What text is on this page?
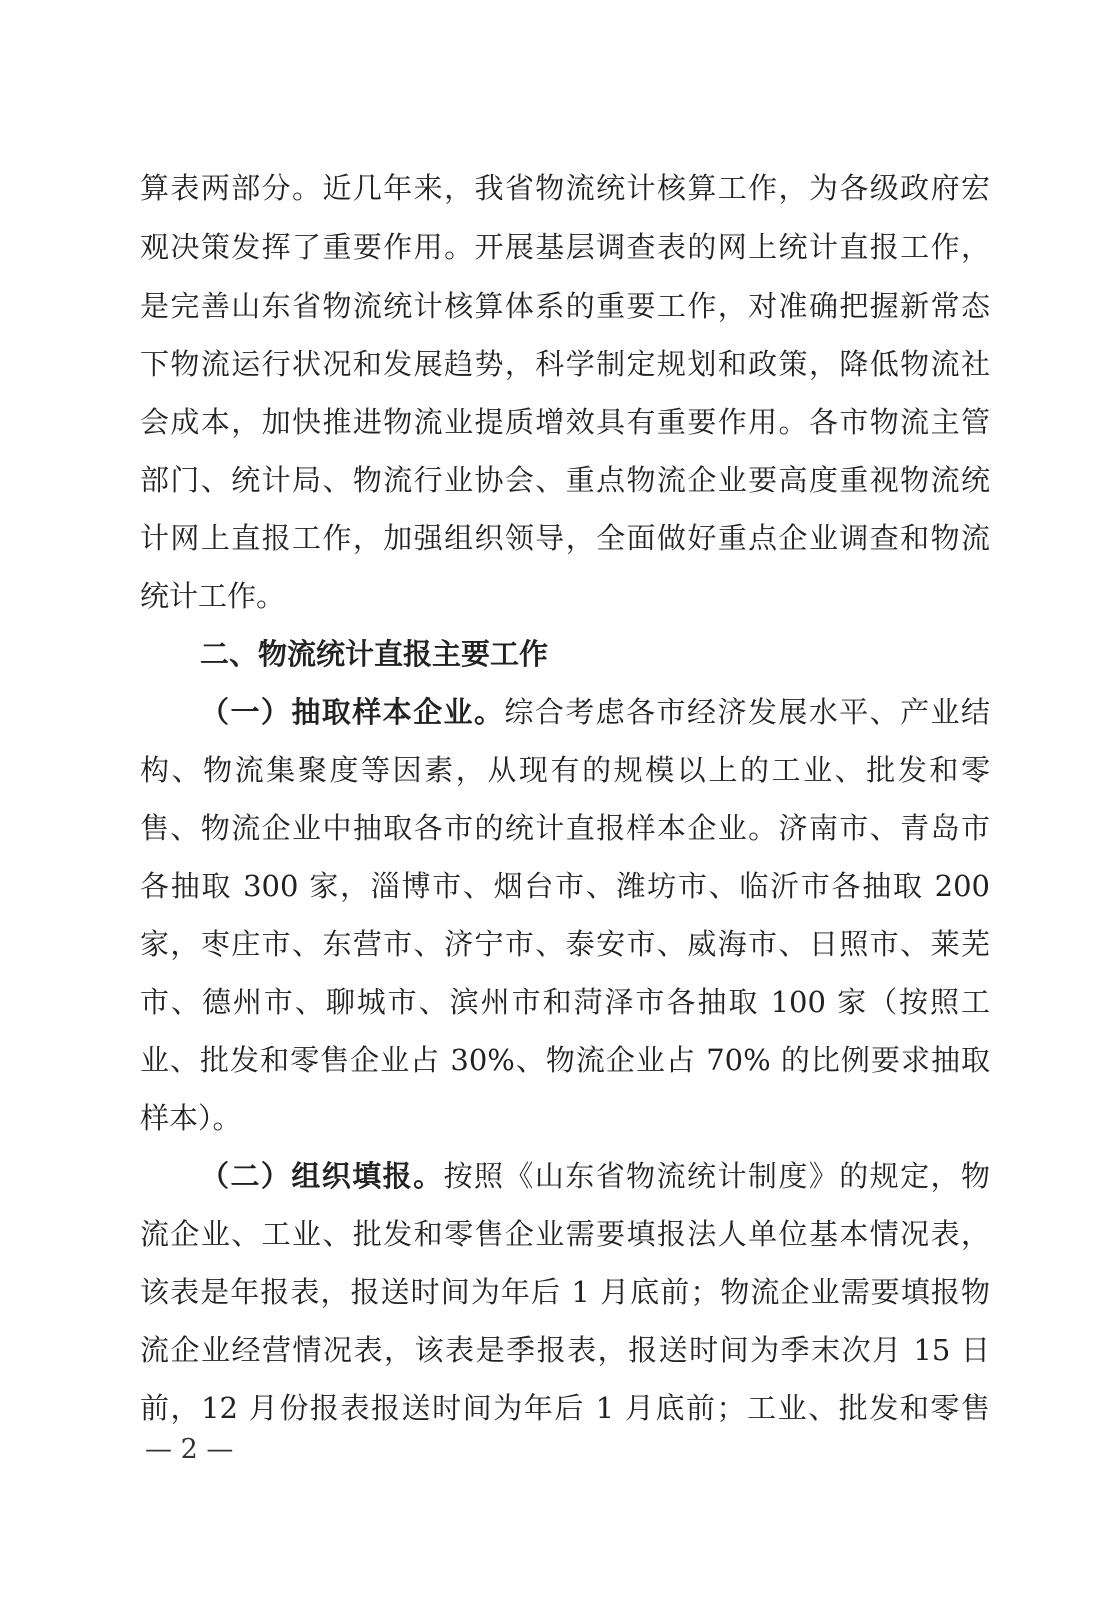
算表两部分。近几年来，我省物流统计核算工作，为各级政府宏
观决策发挥了重要作用。开展基层调查表的网上统计直报工作，
是完善山东省物流统计核算体系的重要工作，对准确把握新常态
下物流运行状况和发展趋势，科学制定规划和政策，降低物流社
会成本，加快推进物流业提质增效具有重要作用。各市物流主管
部门、统计局、物流行业协会、重点物流企业要高度重视物流统
计网上直报工作，加强组织领导，全面做好重点企业调查和物流
统计工作。
二、物流统计直报主要工作
（一）抽取样本企业。综合考虑各市经济发展水平、产业结
构、物流集聚度等因素，从现有的规模以上的工业、批发和零
售、物流企业中抽取各市的统计直报样本企业。济南市、青岛市
各抽取 300 家，淄博市、烟台市、潍坊市、临沂市各抽取 200
家，枣庄市、东营市、济宁市、泰安市、威海市、日照市、莱芜
市、德州市、聊城市、滨州市和菏泽市各抽取 100 家（按照工
业、批发和零售企业占 30%、物流企业占 70% 的比例要求抽取
样本）。
（二）组织填报。按照《山东省物流统计制度》的规定，物
流企业、工业、批发和零售企业需要填报法人单位基本情况表，
该表是年报表，报送时间为年后 1 月底前；物流企业需要填报物
流企业经营情况表，该表是季报表，报送时间为季末次月 15 日
前，12 月份报表报送时间为年后 1 月底前；工业、批发和零售
— 2 —
